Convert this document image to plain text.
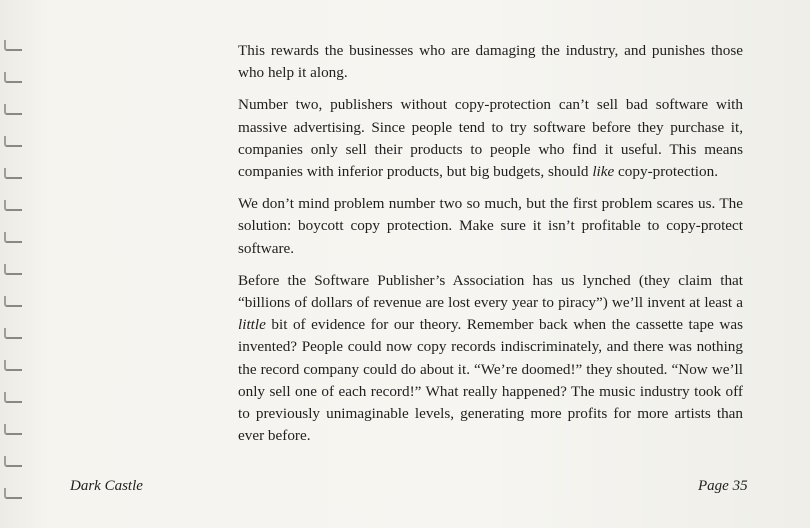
This rewards the businesses who are damaging the industry, and punishes those who help it along.

Number two, publishers without copy-protection can’t sell bad software with massive advertising. Since people tend to try software before they purchase it, companies only sell their products to people who find it useful. This means companies with inferior products, but big budgets, should like copy-protection.

We don’t mind problem number two so much, but the first problem scares us. The solution: boycott copy protection. Make sure it isn’t profitable to copy-protect software.

Before the Software Publisher’s Association has us lynched (they claim that “billions of dollars of revenue are lost every year to piracy”) we’ll invent at least a little bit of evidence for our theory. Remember back when the cassette tape was invented? People could now copy records indiscriminately, and there was nothing the record company could do about it. “We’re doomed!” they shouted. “Now we’ll only sell one of each record!” What really happened? The music industry took off to previously unimaginable levels, generating more profits for more artists than ever before.

Dark Castle	Page 35
